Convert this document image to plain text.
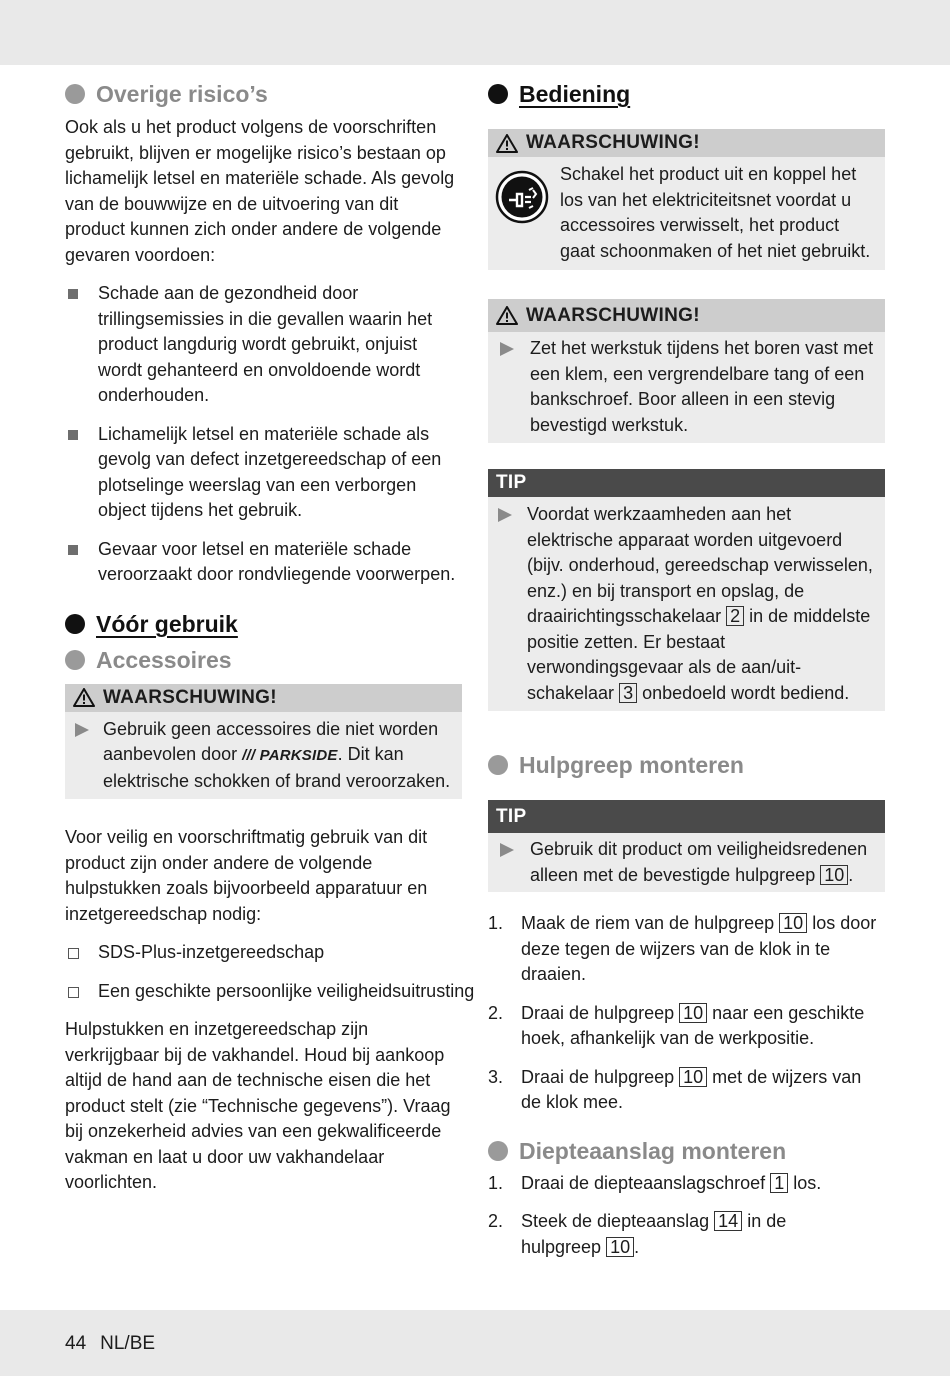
Overige risico’s

Ook als u het product volgens de voorschriften gebruikt, blijven er mogelijke risico’s bestaan op lichamelijk letsel en materiële schade. Als gevolg van de bouwwijze en de uitvoering van dit product kunnen zich onder andere de volgende gevaren voordoen:

Schade aan de gezondheid door trillingsemissies in die gevallen waarin het product langdurig wordt gebruikt, onjuist wordt gehanteerd en onvoldoende wordt onderhouden.

Lichamelijk letsel en materiële schade als gevolg van defect inzetgereedschap of een plotselinge weerslag van een verborgen object tijdens het gebruik.

Gevaar voor letsel en materiële schade veroorzaakt door rondvliegende voorwerpen.

Vóór gebruik
Accessoires
WAARSCHUWING!

Gebruik geen accessoires die niet worden aanbevolen door /// PARKSIDE. Dit kan elektrische schokken of brand veroorzaken.

Voor veilig en voorschriftmatig gebruik van dit product zijn onder andere de volgende hulpstukken zoals bijvoorbeeld apparatuur en inzetgereedschap nodig:

SDS-Plus-inzetgereedschap

Een geschikte persoonlijke veiligheidsuitrusting

Hulpstukken en inzetgereedschap zijn verkrijgbaar bij de vakhandel. Houd bij aankoop altijd de hand aan de technische eisen die het product stelt (zie “Technische gegevens”). Vraag bij onzekerheid advies van een gekwalificeerde vakman en laat u door uw vakhandelaar voorlichten.

Bediening
WAARSCHUWING!

Schakel het product uit en koppel het los van het elektriciteitsnet voordat u accessoires verwisselt, het product gaat schoonmaken of het niet gebruikt.

WAARSCHUWING!

Zet het werkstuk tijdens het boren vast met een klem, een vergrendelbare tang of een bankschroef. Boor alleen in een stevig bevestigd werkstuk.

TIP

Voordat werkzaamheden aan het elektrische apparaat worden uitgevoerd (bijv. onderhoud, gereedschap verwisselen, enz.) en bij transport en opslag, de draairichtingsschakelaar 2 in de middelste positie zetten. Er bestaat verwondingsgevaar als de aan/uit-schakelaar 3 onbedoeld wordt bediend.

Hulpgreep monteren
TIP

Gebruik dit product om veiligheidsredenen alleen met de bevestigde hulpgreep 10 .

1. Maak de riem van de hulpgreep 10 los door deze tegen de wijzers van de klok in te draaien.

2. Draai de hulpgreep 10 naar een geschikte hoek, afhankelijk van de werkpositie.

3. Draai de hulpgreep 10 met de wijzers van de klok mee.

Diepteaanslag monteren
1. Draai de diepteaanslagschroef 1 los.

2. Steek de diepteaanslag 14 in de
hulpgreep 10 .

44 NL/BE
